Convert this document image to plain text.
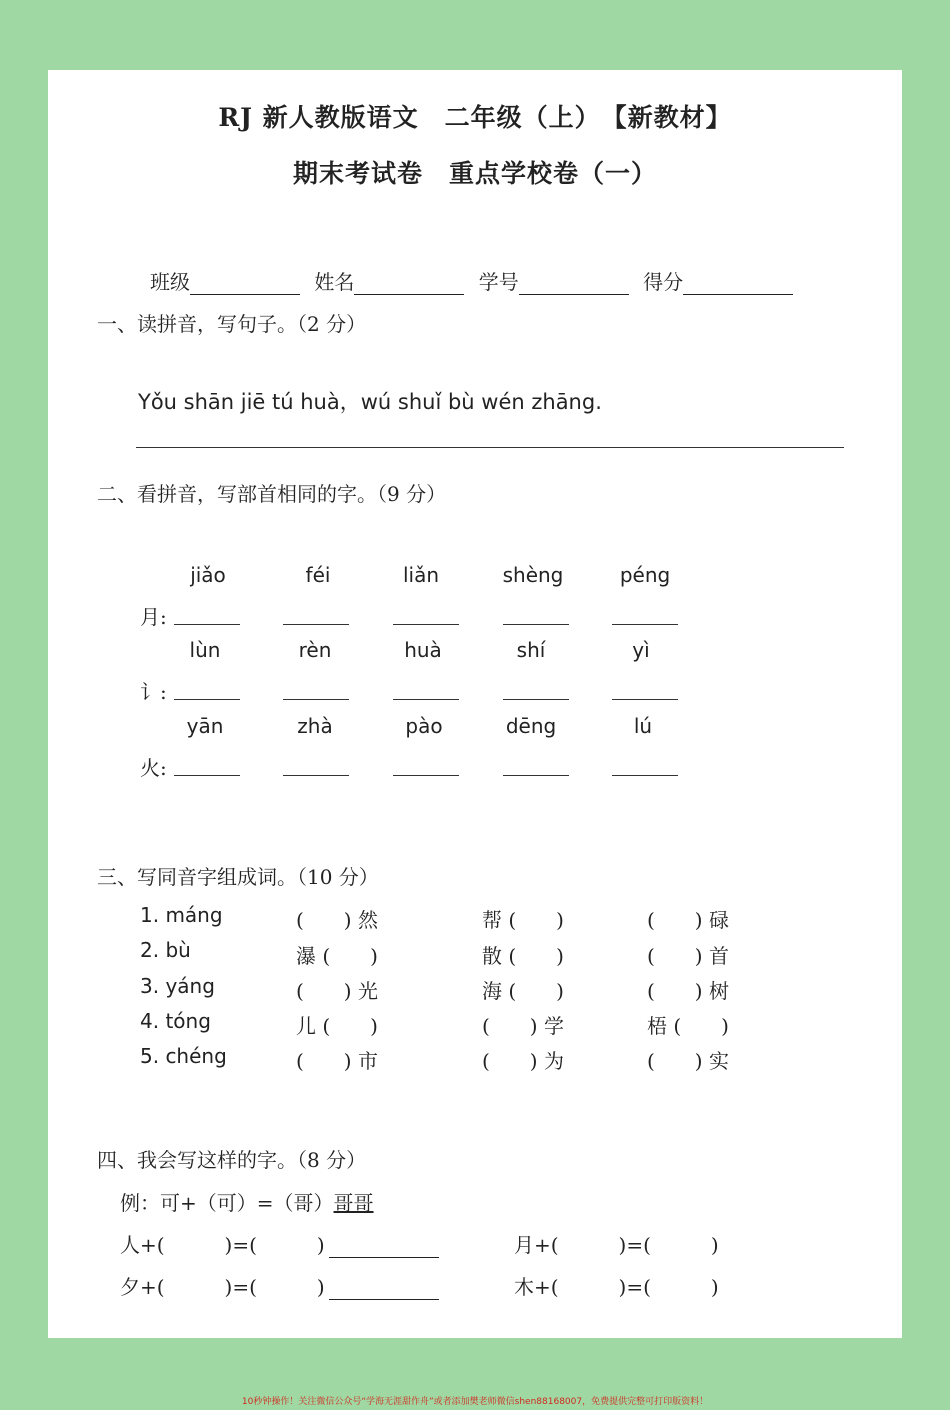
RJ 新人教版语文　二年级（上）　【新教材】
期末考试卷　重点学校卷（一）
班级	姓名	学号	得分
一、读拼音，写句子。（2 分）
Yǒu shān jiē tú huà，wú shuǐ bù wén zhāng.
二、看拼音，写部首相同的字。（9 分）
jiǎo	féi	liǎn	shèng	péng
月:
lùn	rèn	huà	shí	yì
讠:
yān	zhà	pào	dēng	lú
火:
三、写同音字组成词。（10 分）
1. máng	(　　) 然	帮 (　　)	(　　) 碌
2. bù	瀑 (　　)	散 (　　)	(　　) 首
3. yáng	(　　) 光	海 (　　)	(　　) 树
4. tóng	儿 (　　)	(　　) 学	梧 (　　)
5. chéng	(　　) 市	(　　) 为	(　　) 实
四、我会写这样的字。（8 分）
例：可+（可）=（哥）哥哥
人+(　　　)=(　　　)	月+(　　　)=(　　　)
夕+(　　　)=(　　　)	木+(　　　)=(　　　)
10秒钟操作！关注微信公众号“学海无涯甜作舟”或者添加樊老师微信shen88168007，免费提供完整可打印版资料！
